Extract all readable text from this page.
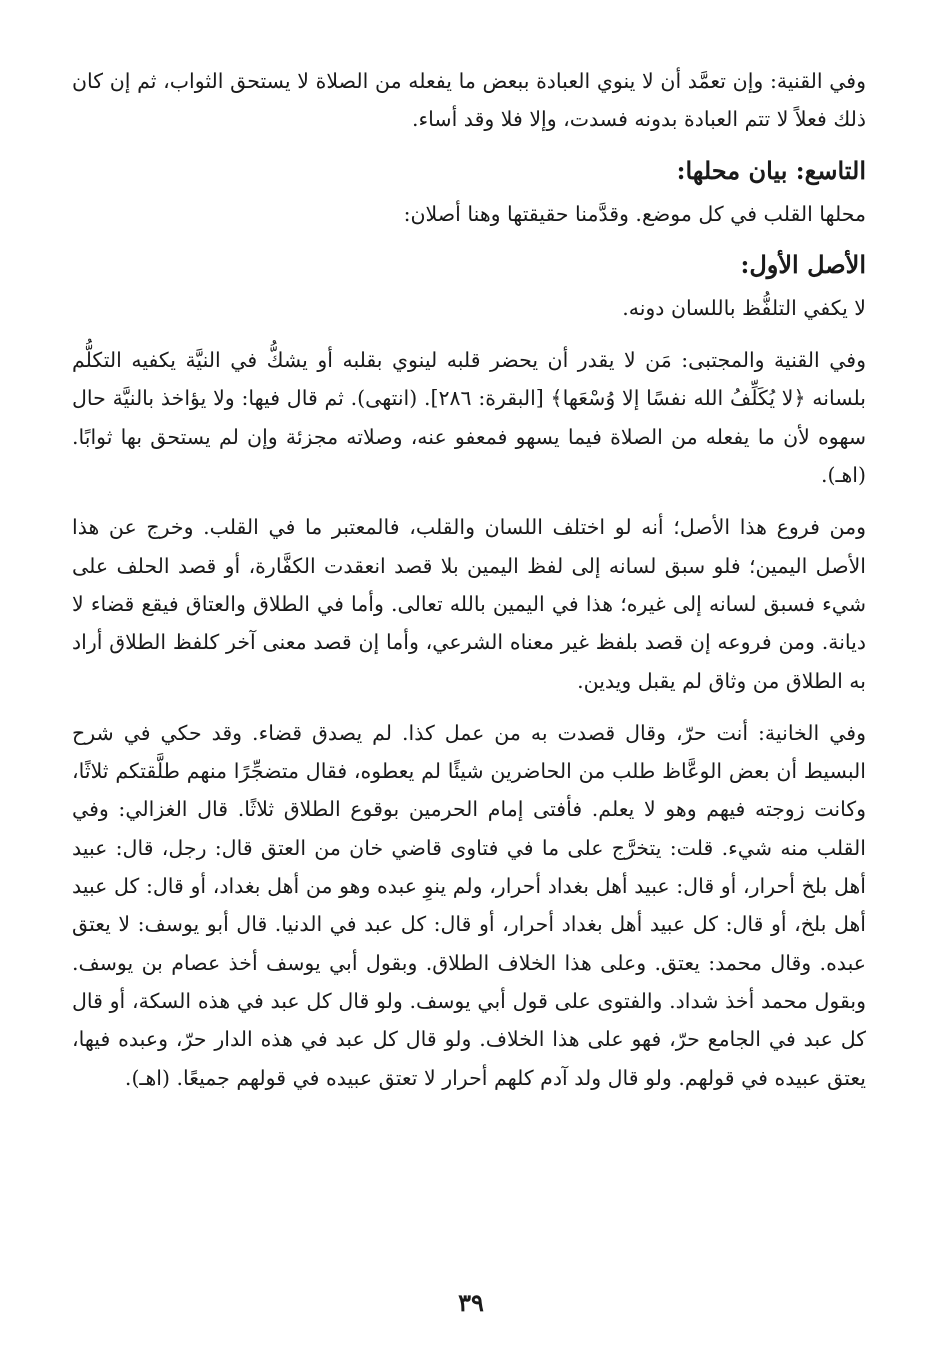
وفي القنية: وإن تعمَّد أن لا ينوي العبادة ببعض ما يفعله من الصلاة لا يستحق الثواب، ثم إن كان ذلك فعلاً لا تتم العبادة بدونه فسدت، وإلا فلا وقد أساء.

التاسع: بيان محلها:

محلها القلب في كل موضع. وقدَّمنا حقيقتها وهنا أصلان:

الأصل الأول:

لا يكفي التلفُّظ باللسان دونه.

وفي القنية والمجتبى: مَن لا يقدر أن يحضر قلبه لينوي بقلبه أو يشكُّ في النيَّة يكفيه التكلُّم بلسانه ﴿لا يُكَلِّفُ الله نفسًا إلا وُسْعَها﴾ [البقرة: ٢٨٦]. (انتهى). ثم قال فيها: ولا يؤاخذ بالنيَّة حال سهوه لأن ما يفعله من الصلاة فيما يسهو فمعفو عنه، وصلاته مجزئة وإن لم يستحق بها ثوابًا. (اهـ).

ومن فروع هذا الأصل؛ أنه لو اختلف اللسان والقلب، فالمعتبر ما في القلب. وخرج عن هذا الأصل اليمين؛ فلو سبق لسانه إلى لفظ اليمين بلا قصد انعقدت الكفَّارة، أو قصد الحلف على شيء فسبق لسانه إلى غيره؛ هذا في اليمين بالله تعالى. وأما في الطلاق والعتاق فيقع قضاء لا ديانة. ومن فروعه إن قصد بلفظ غير معناه الشرعي، وأما إن قصد معنى آخر كلفظ الطلاق أراد به الطلاق من وثاق لم يقبل ويدين.

وفي الخانية: أنت حرّ، وقال قصدت به من عمل كذا. لم يصدق قضاء. وقد حكي في شرح البسيط أن بعض الوعَّاظ طلب من الحاضرين شيئًا لم يعطوه، فقال متضجِّرًا منهم طلَّقتكم ثلاثًا، وكانت زوجته فيهم وهو لا يعلم. فأفتى إمام الحرمين بوقوع الطلاق ثلاثًا. قال الغزالي: وفي القلب منه شيء. قلت: يتخرَّج على ما في فتاوى قاضي خان من العتق قال: رجل، قال: عبيد أهل بلخ أحرار، أو قال: عبيد أهل بغداد أحرار، ولم ينوِ عبده وهو من أهل بغداد، أو قال: كل عبيد أهل بلخ، أو قال: كل عبيد أهل بغداد أحرار، أو قال: كل عبد في الدنيا. قال أبو يوسف: لا يعتق عبده. وقال محمد: يعتق. وعلى هذا الخلاف الطلاق. وبقول أبي يوسف أخذ عصام بن يوسف. وبقول محمد أخذ شداد. والفتوى على قول أبي يوسف. ولو قال كل عبد في هذه السكة، أو قال كل عبد في الجامع حرّ، فهو على هذا الخلاف. ولو قال كل عبد في هذه الدار حرّ، وعبده فيها، يعتق عبيده في قولهم. ولو قال ولد آدم كلهم أحرار لا تعتق عبيده في قولهم جميعًا. (اهـ).

٣٩
